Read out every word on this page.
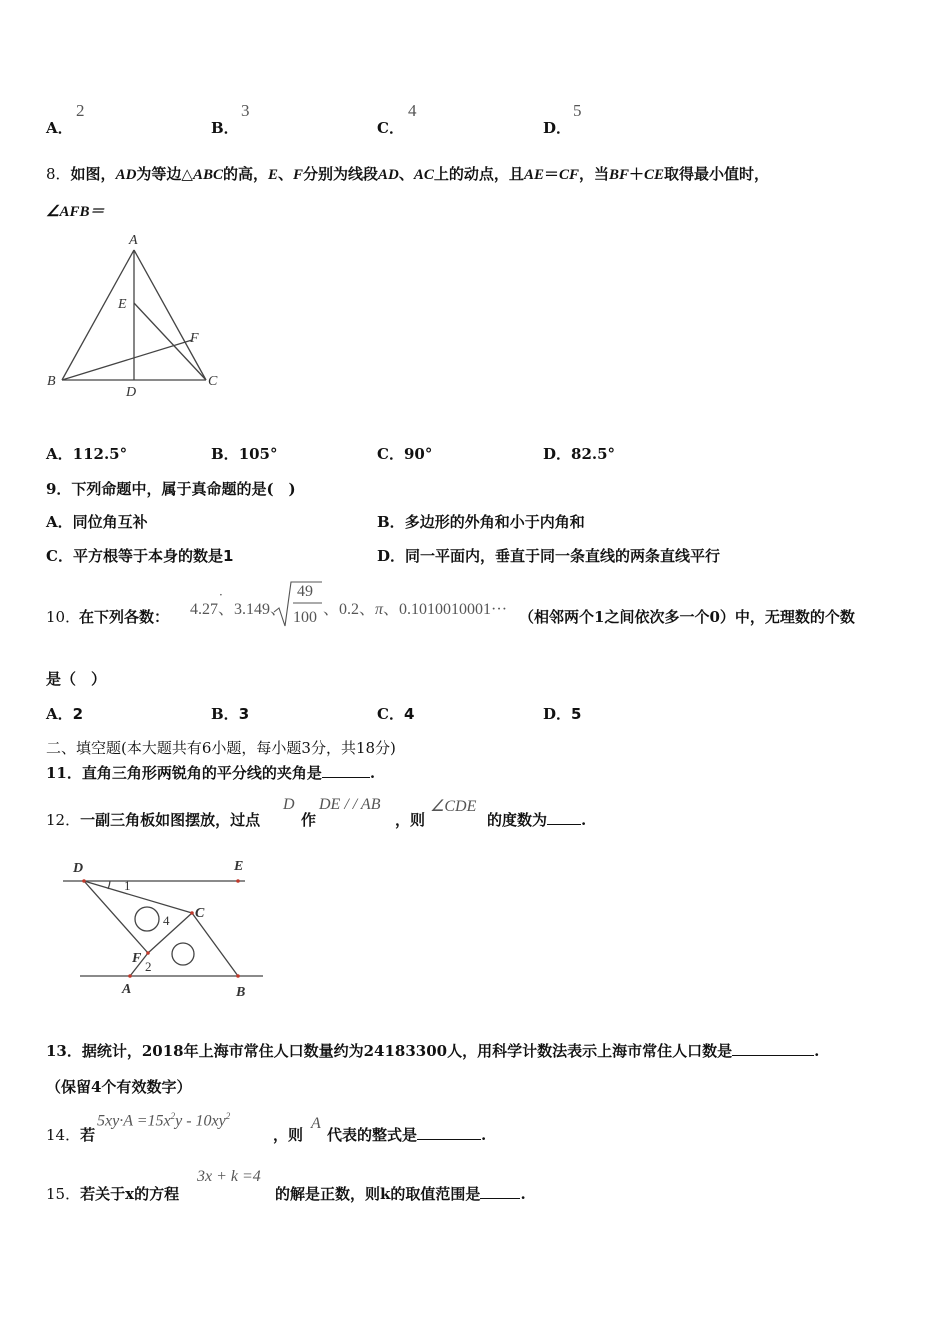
A．
2
B．
3
C．
4
D．
5
8．如图，AD为等边△ABC的高，E、F分别为线段AD、AC上的动点，且AE＝CF，当BF＋CE取得最小值时，
∠AFB＝
A
B	C
D
E
F
A．112.5°	B．105°	C．90°	D．82.5°
9．下列命题中，属于真命题的是(　)
A．同位角互补	B．多边形的外角和小于内角和
C．平方根等于本身的数是1	D．同一平面内，垂直于同一条直线的两条直线平行
10．
在下列各数： 4.27、3.149、
·	49
100 、0.2、π、0.1010010001··· （相邻两个1之间依次多一个0）中，无理数的个数
是（　）
A．2	B．3	C．4	D．5
二、填空题(本大题共有6小题，每小题3分，共18分)
11．直角三角形两锐角的平分线的夹角是	.
12．一副三角板如图摆放，过点
D
作
DE / / AB
，则
∠CDE
的度数为 .
D	E
C
F
A	B
1
4
2
13．据统计，2018年上海市常住人口数量约为24183300人，用科学计数法表示上海市常住人口数是	.
（保留4个有效数字）
14．若
$5xy\cdot A =15x^2y - 10xy^2$
，则
A
代表的整式是	.
15．若关于x的方程
3x + k =4
的解是正数，则k的取值范围是	.
